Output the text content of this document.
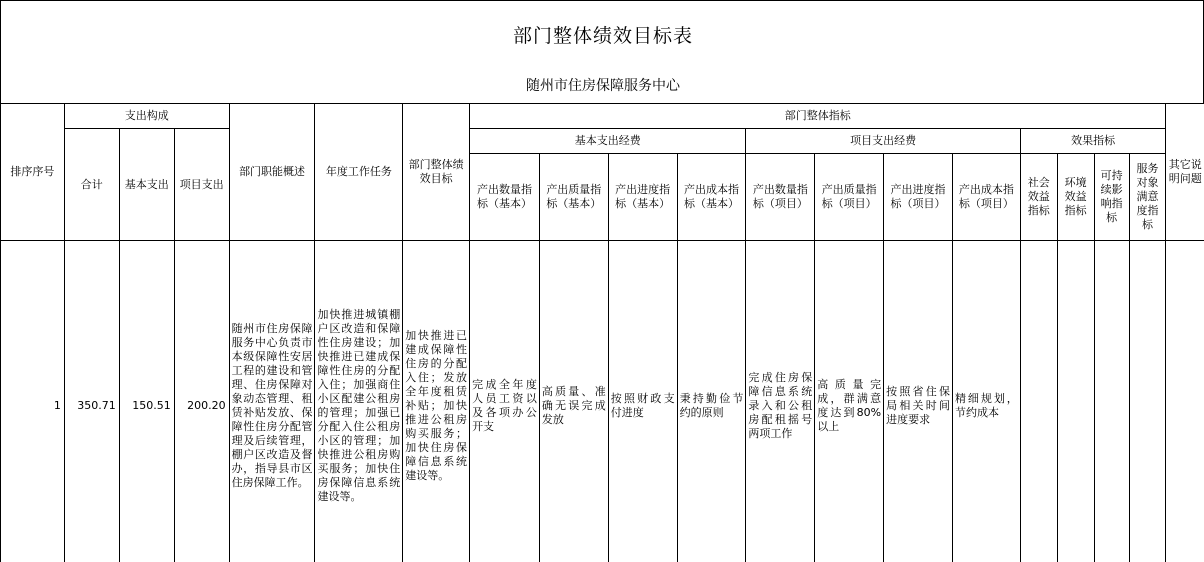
部门整体绩效目标表
随州市住房保障服务中心
排序序号	支出构成			部门职能概述	年度工作任务	部门整体绩效目标	部门整体指标												其它说明问题
	合计	基本支出	项目支出				基本支出经费				项目支出经费				效果指标				
							产出数量指标（基本）	产出质量指标（基本）	产出进度指标（基本）	产出成本指标（基本）	产出数量指标（项目）	产出质量指标（项目）	产出进度指标（项目）	产出成本指标（项目）	社会效益指标	环境效益指标	可持续影响指标	服务对象满意度指标	
1	350.71	150.51	200.20	随州市住房保障服务中心负责市本级保障性安居工程的建设和管理、住房保障对象动态管理、租赁补贴发放、保障性住房分配管理及后续管理，棚户区改造及督办，指导县市区住房保障工作。	加快推进城镇棚户区改造和保障性住房建设；加快推进已建成保障性住房的分配入住；加强商住小区配建公租房的管理；加强已分配入住公租房小区的管理；加快推进公租房购买服务；加快住房保障信息系统建设等。	加快推进已建成保障性住房的分配入住；发放全年度租赁补贴；加快推进公租房购买服务；加快住房保障信息系统建设等。	完成全年度人员工资以及各项办公开支	高质量、准确无误完成发放	按照财政支付进度	秉持勤俭节约的原则	完成住房保障信息系统录入和公租房配租摇号两项工作	高质量完成，群满意度达到80%以上	按照省住保局相关时间进度要求	精细规划，节约成本					
